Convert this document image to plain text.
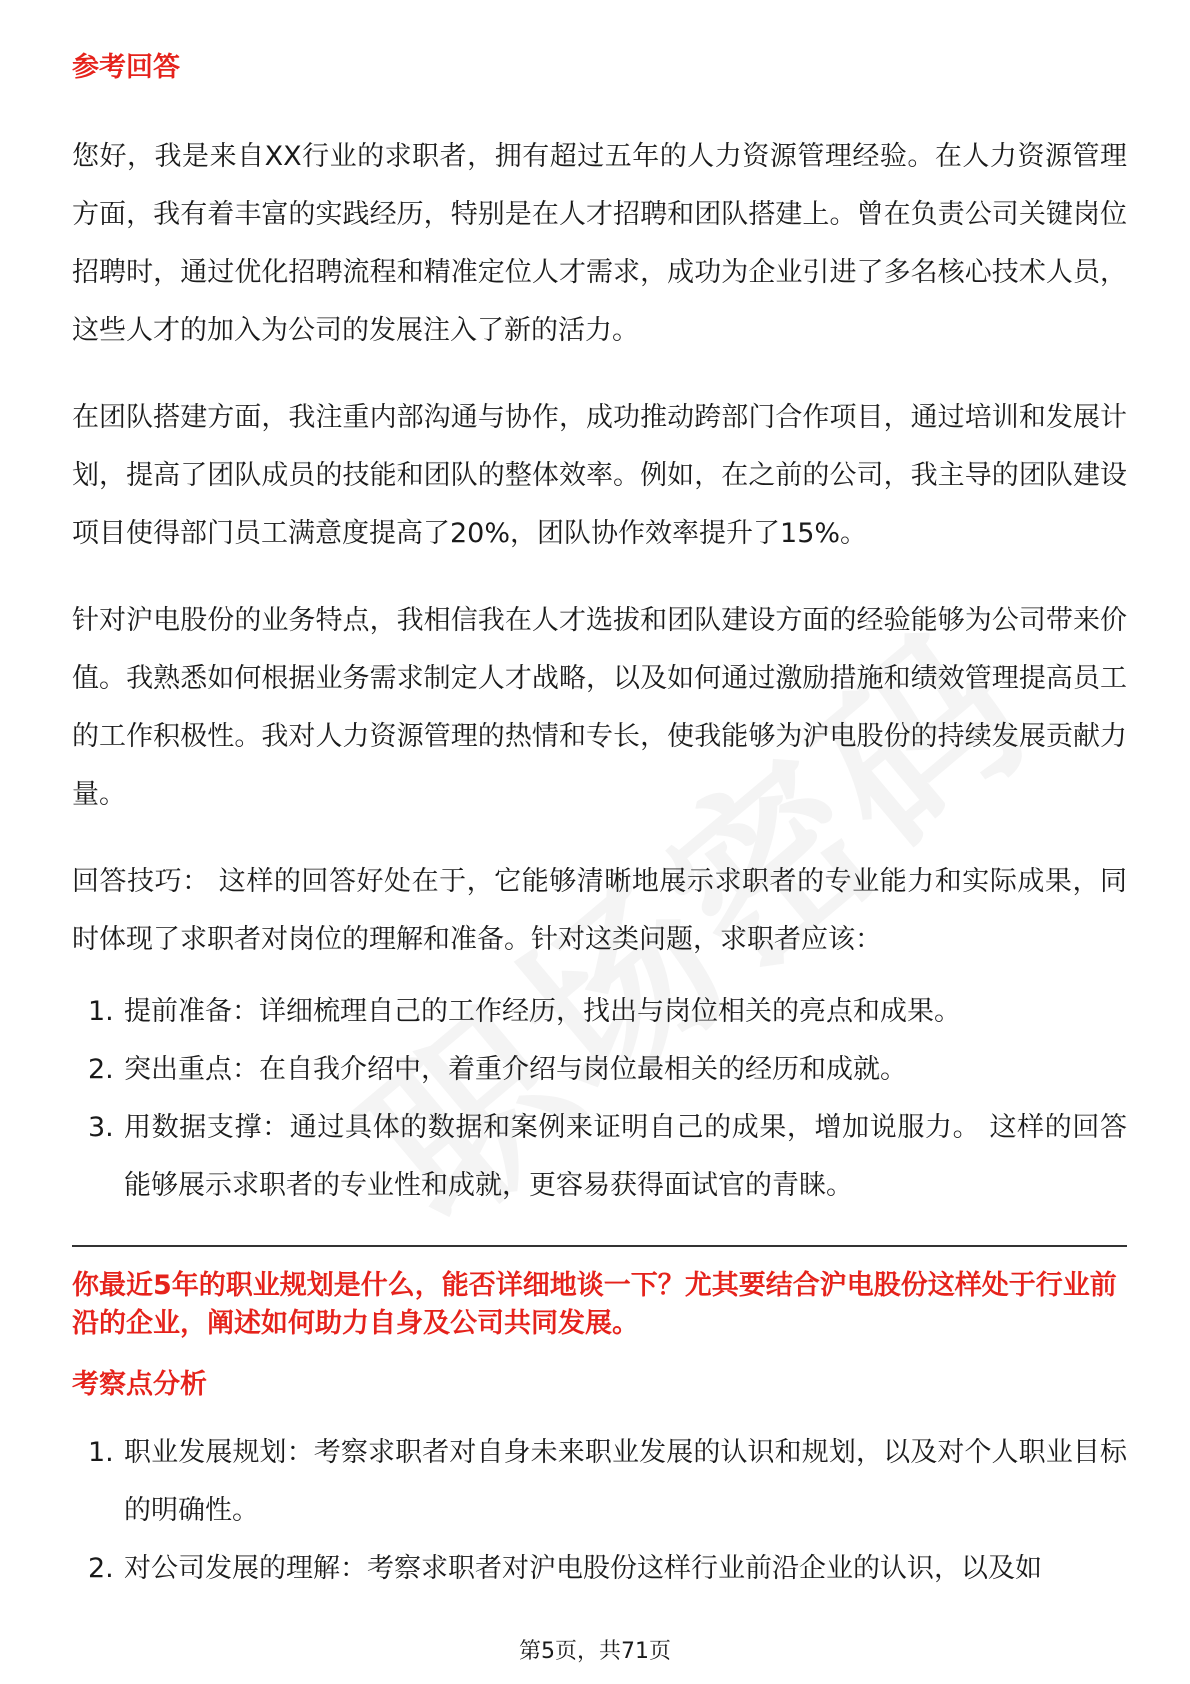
参考回答

您好，我是来自XX行业的求职者，拥有超过五年的人力资源管理经验。在人力资源管理方面，我有着丰富的实践经历，特别是在人才招聘和团队搭建上。曾在负责公司关键岗位招聘时，通过优化招聘流程和精准定位人才需求，成功为企业引进了多名核心技术人员，这些人才的加入为公司的发展注入了新的活力。

在团队搭建方面，我注重内部沟通与协作，成功推动跨部门合作项目，通过培训和发展计划，提高了团队成员的技能和团队的整体效率。例如，在之前的公司，我主导的团队建设项目使得部门员工满意度提高了20%，团队协作效率提升了15%。

针对沪电股份的业务特点，我相信我在人才选拔和团队建设方面的经验能够为公司带来价值。我熟悉如何根据业务需求制定人才战略，以及如何通过激励措施和绩效管理提高员工的工作积极性。我对人力资源管理的热情和专长，使我能够为沪电股份的持续发展贡献力量。

回答技巧： 这样的回答好处在于，它能够清晰地展示求职者的专业能力和实际成果，同时体现了求职者对岗位的理解和准备。针对这类问题，求职者应该：

1. 提前准备：详细梳理自己的工作经历，找出与岗位相关的亮点和成果。
2. 突出重点：在自我介绍中，着重介绍与岗位最相关的经历和成就。
3. 用数据支撑：通过具体的数据和案例来证明自己的成果，增加说服力。 这样的回答能够展示求职者的专业性和成就，更容易获得面试官的青睐。

你最近5年的职业规划是什么，能否详细地谈一下？尤其要结合沪电股份这样处于行业前沿的企业，阐述如何助力自身及公司共同发展。

考察点分析
1. 职业发展规划：考察求职者对自身未来职业发展的认识和规划，以及对个人职业目标的明确性。
2. 对公司发展的理解：考察求职者对沪电股份这样行业前沿企业的认识，以及如
第5页，共71页
